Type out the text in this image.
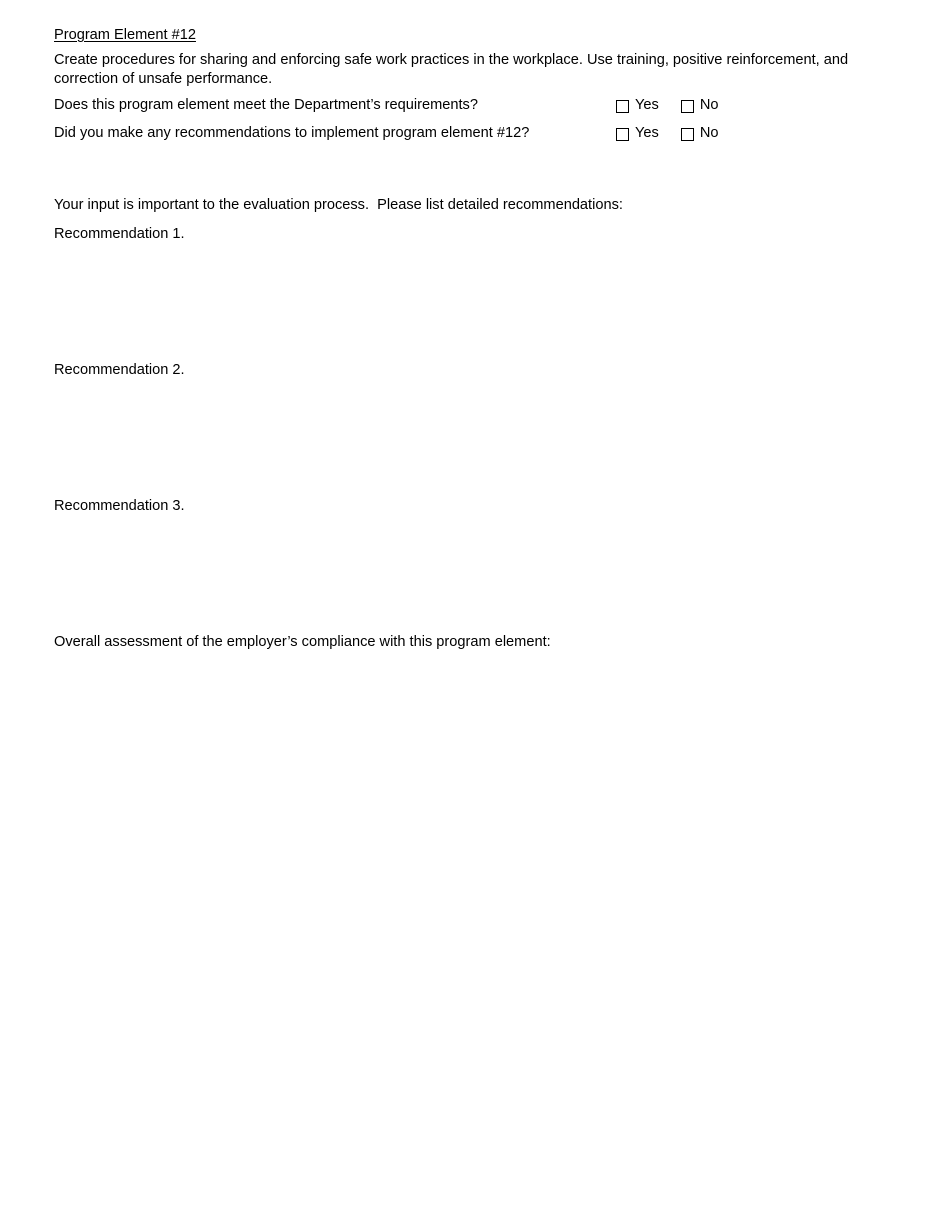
Program Element #12

Create procedures for sharing and enforcing safe work practices in the workplace. Use training, positive reinforcement, and correction of unsafe performance.

Does this program element meet the Department’s requirements?	Yes	No
Did you make any recommendations to implement program element #12?	Yes	No

Your input is important to the evaluation process.  Please list detailed recommendations:

Recommendation 1.

Recommendation 2.

Recommendation 3.

Overall assessment of the employer’s compliance with this program element:
